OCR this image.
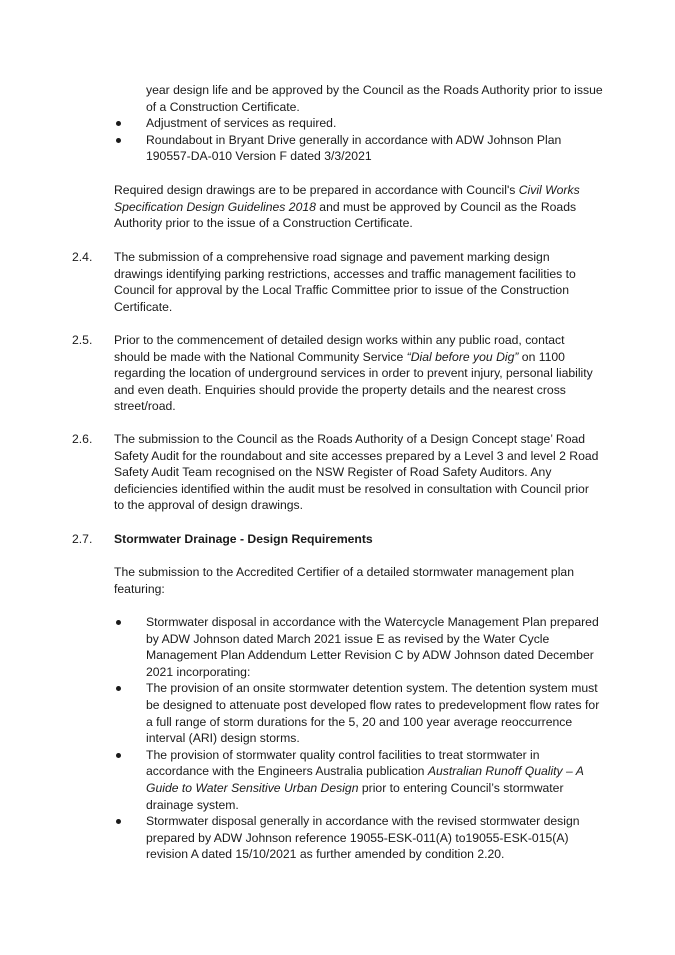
year design life and be approved by the Council as the Roads Authority prior to issue of a Construction Certificate.
Adjustment of services as required.
Roundabout in Bryant Drive generally in accordance with ADW Johnson Plan 190557-DA-010 Version F dated 3/3/2021
Required design drawings are to be prepared in accordance with Council's Civil Works Specification Design Guidelines 2018 and must be approved by Council as the Roads Authority prior to the issue of a Construction Certificate.
2.4. The submission of a comprehensive road signage and pavement marking design drawings identifying parking restrictions, accesses and traffic management facilities to Council for approval by the Local Traffic Committee prior to issue of the Construction Certificate.
2.5. Prior to the commencement of detailed design works within any public road, contact should be made with the National Community Service “Dial before you Dig” on 1100 regarding the location of underground services in order to prevent injury, personal liability and even death. Enquiries should provide the property details and the nearest cross street/road.
2.6. The submission to the Council as the Roads Authority of a Design Concept stage’ Road Safety Audit for the roundabout and site accesses prepared by a Level 3 and level 2 Road Safety Audit Team recognised on the NSW Register of Road Safety Auditors. Any deficiencies identified within the audit must be resolved in consultation with Council prior to the approval of design drawings.
2.7. Stormwater Drainage - Design Requirements
The submission to the Accredited Certifier of a detailed stormwater management plan featuring:
Stormwater disposal in accordance with the Watercycle Management Plan prepared by ADW Johnson dated March 2021 issue E as revised by the Water Cycle Management Plan Addendum Letter Revision C by ADW Johnson dated December 2021 incorporating:
The provision of an onsite stormwater detention system. The detention system must be designed to attenuate post developed flow rates to predevelopment flow rates for a full range of storm durations for the 5, 20 and 100 year average reoccurrence interval (ARI) design storms.
The provision of stormwater quality control facilities to treat stormwater in accordance with the Engineers Australia publication Australian Runoff Quality – A Guide to Water Sensitive Urban Design prior to entering Council’s stormwater drainage system.
Stormwater disposal generally in accordance with the revised stormwater design prepared by ADW Johnson reference 19055-ESK-011(A) to19055-ESK-015(A) revision A dated 15/10/2021 as further amended by condition 2.20.
